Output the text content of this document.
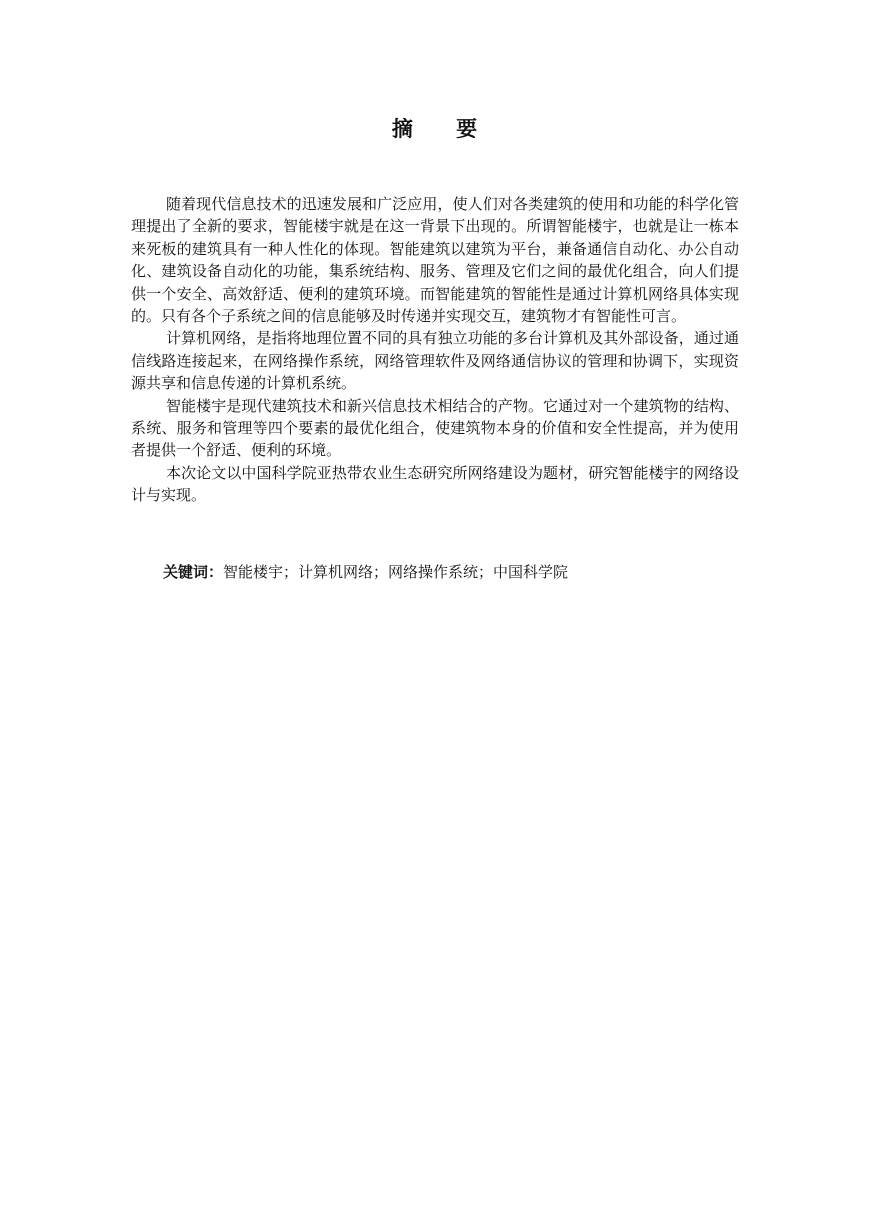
摘 要

随着现代信息技术的迅速发展和广泛应用，使人们对各类建筑的使用和功能的科学化管理提出了全新的要求，智能楼宇就是在这一背景下出现的。所谓智能楼宇，也就是让一栋本来死板的建筑具有一种人性化的体现。智能建筑以建筑为平台，兼备通信自动化、办公自动化、建筑设备自动化的功能，集系统结构、服务、管理及它们之间的最优化组合，向人们提供一个安全、高效舒适、便利的建筑环境。而智能建筑的智能性是通过计算机网络具体实现的。只有各个子系统之间的信息能够及时传递并实现交互，建筑物才有智能性可言。

计算机网络，是指将地理位置不同的具有独立功能的多台计算机及其外部设备，通过通信线路连接起来，在网络操作系统，网络管理软件及网络通信协议的管理和协调下，实现资源共享和信息传递的计算机系统。

智能楼宇是现代建筑技术和新兴信息技术相结合的产物。它通过对一个建筑物的结构、系统、服务和管理等四个要素的最优化组合，使建筑物本身的价值和安全性提高，并为使用者提供一个舒适、便利的环境。

本次论文以中国科学院亚热带农业生态研究所网络建设为题材，研究智能楼宇的网络设计与实现。

关键词：智能楼宇；计算机网络；网络操作系统；中国科学院
